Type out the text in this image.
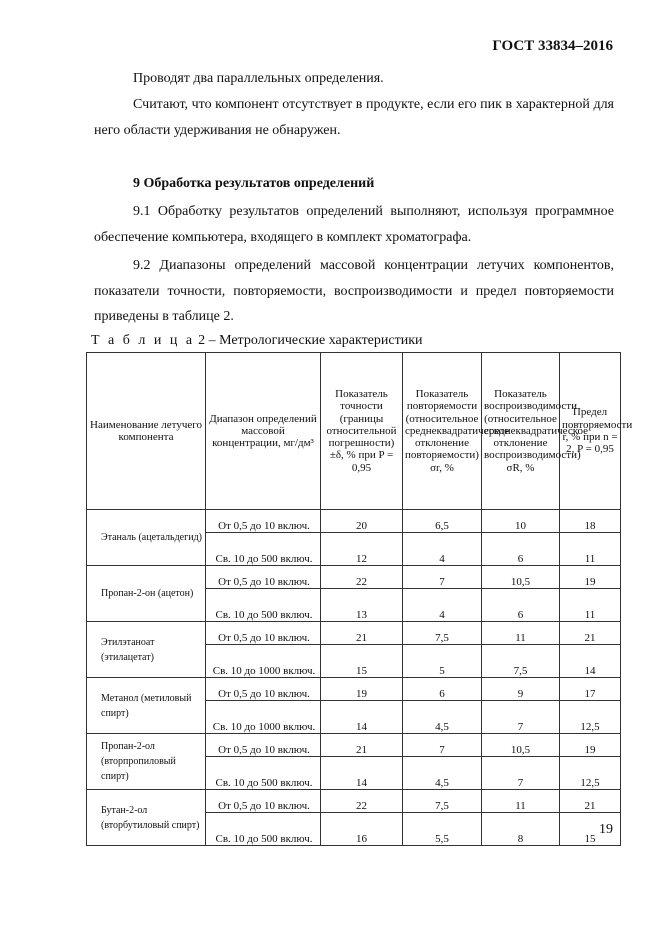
ГОСТ 33834–2016
Проводят два параллельных определения.
Считают, что компонент отсутствует в продукте, если его пик в характерной для него области удерживания не обнаружен.
9 Обработка результатов определений
9.1 Обработку результатов определений выполняют, используя программное обеспечение компьютера, входящего в комплект хроматографа.
9.2 Диапазоны определений массовой концентрации летучих компонентов, показатели точности, повторяемости, воспроизводимости и предел повторяемости приведены в таблице 2.
Т а б л и ц а 2 – Метрологические характеристики
Наименование летучего компонента	Диапазон определений массовой концентрации, мг/дм³	Показатель точности (границы относительной погрешности) ±δ, % при P = 0,95	Показатель повторяемости (относительное среднеквадратическое отклонение повторяемости) σr, %	Показатель воспроизводимости (относительное среднеквадратическое отклонение воспроизводимости) σR, %	Предел повторяемости r, % при n = 2, P = 0,95
Этаналь (ацетальдегид)	От 0,5 до 10 включ.	20	6,5	10	18
	Св. 10 до 500 включ.	12	4	6	11
Пропан-2-он (ацетон)	От 0,5 до 10 включ.	22	7	10,5	19
	Св. 10 до 500 включ.	13	4	6	11
Этилэтаноат (этилацетат)	От 0,5 до 10 включ.	21	7,5	11	21
	Св. 10 до 1000 включ.	15	5	7,5	14
Метанол (метиловый спирт)	От 0,5 до 10 включ.	19	6	9	17
	Св. 10 до 1000 включ.	14	4,5	7	12,5
Пропан-2-ол (вторпропиловый спирт)	От 0,5 до 10 включ.	21	7	10,5	19
	Св. 10 до 500 включ.	14	4,5	7	12,5
Бутан-2-ол (вторбутиловый спирт)	От 0,5 до 10 включ.	22	7,5	11	21
	Св. 10 до 500 включ.	16	5,5	8	15
19
